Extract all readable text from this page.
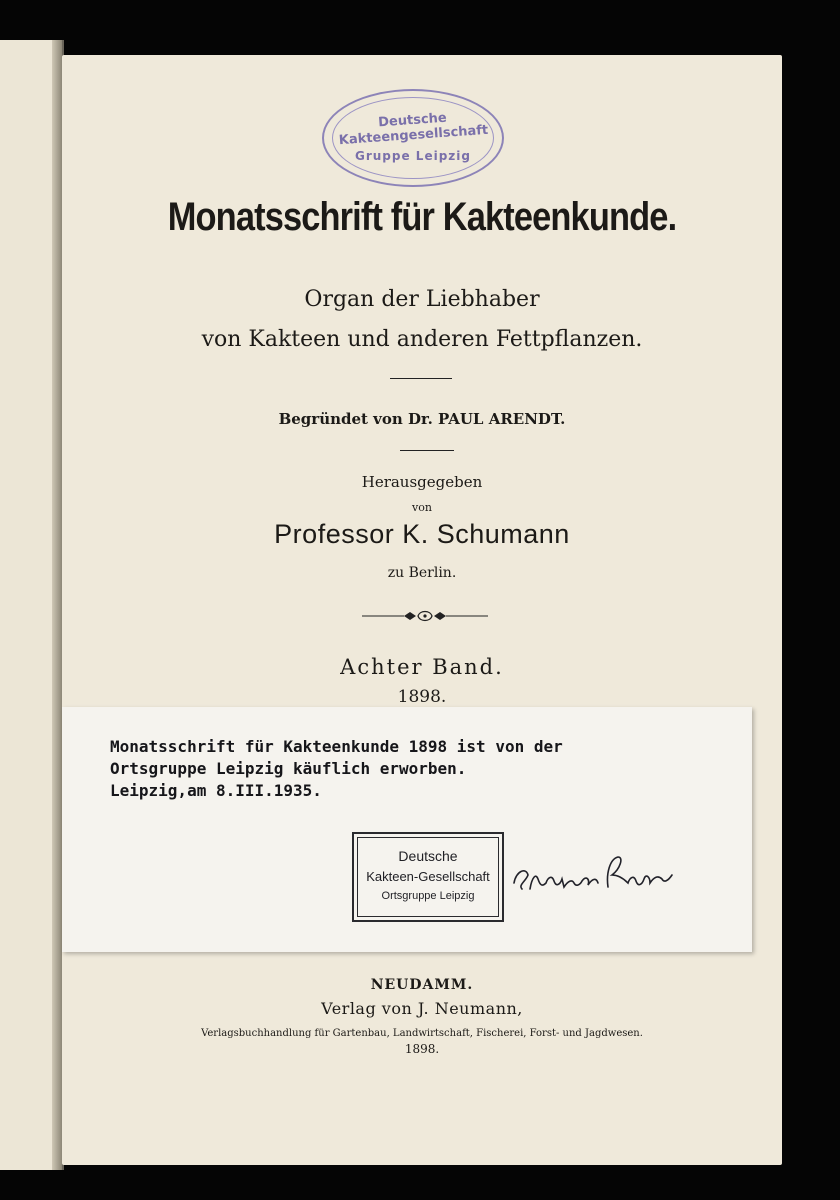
Deutsche Kakteengesellschaft
Gruppe Leipzig
Monatsschrift für Kakteenkunde.
Organ der Liebhaber
von Kakteen und anderen Fettpflanzen.
Begründet von Dr. PAUL ARENDT.
Herausgegeben
von
Professor K. Schumann
zu Berlin.
Achter Band.
1898.
Monatsschrift für Kakteenkunde 1898 ist von der
Ortsgruppe Leipzig käuflich erworben.
Leipzig,am 8.III.1935.
Deutsche
Kakteen-Gesellschaft
Ortsgruppe Leipzig
NEUDAMM.
Verlag von J. Neumann,
Verlagsbuchhandlung für Gartenbau, Landwirtschaft, Fischerei, Forst- und Jagdwesen.
1898.
